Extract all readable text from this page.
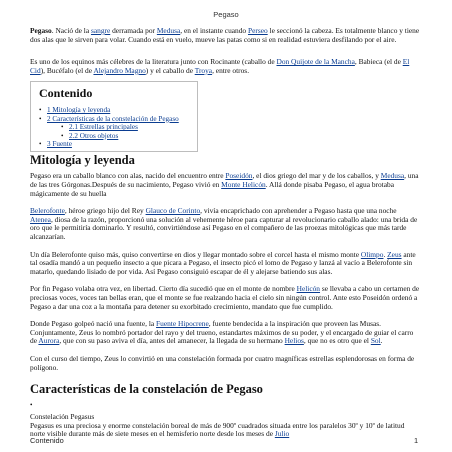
Pegaso

Pegaso. Nació de la sangre derramada por Medusa, en el instante cuando Perseo le seccionó la cabeza. Es totalmente blanco y tiene dos alas que le sirven para volar. Cuando está en vuelo, mueve las patas como si en realidad estuviera desfilando por el aire.

Es uno de los equinos más célebres de la literatura junto con Rocinante (caballo de Don Quijote de la Mancha, Babieca (el de El Cid), Bucéfalo (el de Alejandro Magno) y el caballo de Troya, entre otros.

Contenido
• 1 Mitología y leyenda
• 2 Características de la constelación de Pegaso
• 2.1 Estrellas principales
• 2.2 Otros objetos
• 3 Fuente
Mitología y leyenda

Pegaso era un caballo blanco con alas, nacido del encuentro entre Poseidón, el dios griego del mar y de los caballos, y Medusa, una de las tres Górgonas.Después de su nacimiento, Pegaso vivió en Monte Helicón. Allá donde pisaba Pegaso, el agua brotaba mágicamente de su huella

Belerofonte, héroe griego hijo del Rey Glauco de Corinto, vivía encaprichado con aprehender a Pegaso hasta que una noche Atenea, diosa de la razón, proporcionó una solución al vehemente héroe para capturar al revolucionario caballo alado: una brida de oro que le permitiría dominarlo. Y resultó, convirtiéndose así Pegaso en el compañero de las proezas mitológicas que más tarde alcanzarían.

Un día Belerofonte quiso más, quiso convertirse en dios y llegar montado sobre el corcel hasta el mismo monte Olimpo. Zeus ante tal osadía mandó a un pequeño insecto a que picara a Pegaso, el insecto picó el lomo de Pegaso y lanzá al vacío a Belerofonte sin matarlo, quedando lisiado de por vida. Así Pegaso consiguió escapar de él y alejarse batiendo sus alas.

Por fin Pegaso volaba otra vez, en libertad. Cierto día sucedió que en el monte de nombre Helicón se llevaba a cabo un certamen de preciosas voces, voces tan bellas eran, que el monte se fue realzando hacia el cielo sin ningún control. Ante esto Poseidón ordenó a Pegaso a dar una coz a la montaña para detener su exorbitado crecimiento, mandato que fue cumplido.

Donde Pegaso golpeó nació una fuente, la Fuente Hipocrene, fuente bendecida a la inspiración que proveen las Musas. Conjuntamente, Zeus lo nombró portador del rayo y del trueno, estandartes máximos de su poder, y el encargado de guiar el carro de Aurora, que con su paso aviva el día, antes del amanecer, la llegada de su hermano Helios, que no es otro que el Sol.

Con el curso del tiempo, Zeus lo convirtió en una constelación formada por cuatro magníficas estrellas esplendorosas en forma de polígono.

Características de la constelación de Pegaso

•

Constelación Pegasus

Pegasus es una preciosa y enorme constelación boreal de más de 900º cuadrados situada entre los paralelos 30º y 10º de latitud norte visible durante más de siete meses en el hemisferio norte desde los meses de Julio

Contenido	1
